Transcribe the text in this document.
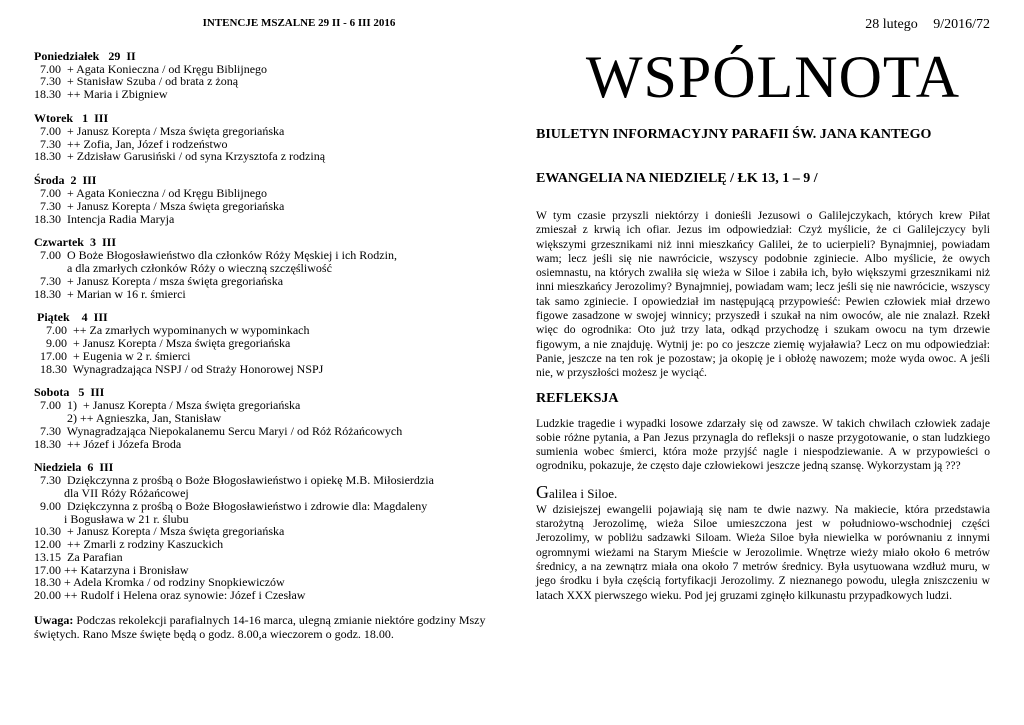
INTENCJE MSZALNE 29 II - 6 III 2016
Poniedziałek   29  II
7.00  + Agata Konieczna / od Kręgu Biblijnego
7.30  + Stanisław Szuba / od brata z żoną
18.30  ++ Maria i Zbigniew
Wtorek   1  III
7.00  + Janusz Korepta / Msza święta gregoriańska
7.30  ++ Zofia, Jan, Józef i rodzeństwo
18.30  + Zdzisław Garusiński / od syna Krzysztofa z rodziną
Środa  2  III
7.00  + Agata Konieczna / od Kręgu Biblijnego
7.30  + Janusz Korepta / Msza święta gregoriańska
18.30  Intencja Radia Maryja
Czwartek  3  III
7.00  O Boże Błogosławieństwo dla członków Róży Męskiej i ich Rodzin,
a dla zmarłych członków Róży o wieczną szczęśliwość
7.30  + Janusz Korepta / msza święta gregoriańska
18.30  + Marian w 16 r. śmierci
Piątek    4  III
7.00  ++ Za zmarłych wypominanych w wypominkach
9.00  + Janusz Korepta / Msza święta gregoriańska
17.00  + Eugenia w 2 r. śmierci
18.30  Wynagradzająca NSPJ / od Straży Honorowej NSPJ
Sobota   5  III
7.00  1)  + Janusz Korepta / Msza święta gregoriańska
2) ++ Agnieszka, Jan, Stanisław
7.30  Wynagradzająca Niepokalanemu Sercu Maryi / od Róż Różańcowych
18.30  ++ Józef i Józefa Broda
Niedziela  6  III
7.30  Dziękczynna z prośbą o Boże Błogosławieństwo i opiekę M.B. Miłosierdzia
dla VII Róży Różańcowej
9.00  Dziękczynna z prośbą o Boże Błogosławieństwo i zdrowie dla: Magdaleny
i Bogusława w 21 r. ślubu
10.30  + Janusz Korepta / Msza święta gregoriańska
12.00  ++ Zmarli z rodziny Kaszuckich
13.15  Za Parafian
17.00 ++ Katarzyna i Bronisław
18.30 + Adela Kromka / od rodziny Snopkiewiczów
20.00 ++ Rudolf i Helena oraz synowie: Józef i Czesław
Uwaga: Podczas rekolekcji parafialnych 14-16 marca, ulegną zmianie niektóre godziny Mszy świętych. Rano Msze święte będą o godz. 8.00,a wieczorem o godz. 18.00.
28 lutego 9/2016/72
WSPÓLNOTA
BIULETYN INFORMACYJNY PARAFII ŚW. JANA KANTEGO
EWANGELIA NA NIEDZIELĘ / ŁK 13, 1 – 9 /

W tym czasie przyszli niektórzy i donieśli Jezusowi o Galilejczykach, których krew Piłat zmieszał z krwią ich ofiar. Jezus im odpowiedział: Czyż myślicie, że ci Galilejczycy byli większymi grzesznikami niż inni mieszkańcy Galilei, że to ucierpieli? Bynajmniej, powiadam wam; lecz jeśli się nie nawrócicie, wszyscy podobnie zginiecie. Albo myślicie, że owych osiemnastu, na których zwaliła się wieża w Siloe i zabiła ich, było większymi grzesznikami niż inni mieszkańcy Jerozolimy? Bynajmniej, powiadam wam; lecz jeśli się nie nawrócicie, wszyscy tak samo zginiecie. I opowiedział im następującą przypowieść: Pewien człowiek miał drzewo figowe zasadzone w swojej winnicy; przyszedł i szukał na nim owoców, ale nie znalazł. Rzekł więc do ogrodnika: Oto już trzy lata, odkąd przychodzę i szukam owocu na tym drzewie figowym, a nie znajduję. Wytnij je: po co jeszcze ziemię wyjaławia? Lecz on mu odpowiedział: Panie, jeszcze na ten rok je pozostaw; ja okopię je i obłożę nawozem; może wyda owoc. A jeśli nie, w przyszłości możesz je wyciąć.

REFLEKSJA

Ludzkie tragedie i wypadki losowe zdarzały się od zawsze. W takich chwilach człowiek zadaje sobie różne pytania, a Pan Jezus przynagla do refleksji o nasze przygotowanie, o stan ludzkiego sumienia wobec śmierci, która może przyjść nagle i niespodziewanie. A w przypowieści o ogrodniku, pokazuje, że często daje człowiekowi jeszcze jedną szansę. Wykorzystam ją ???

Galilea i Siloe.

W dzisiejszej ewangelii pojawiają się nam te dwie nazwy. Na makiecie, która przedstawia starożytną Jerozolimę, wieża Siloe umieszczona jest w południowo-wschodniej części Jerozolimy, w pobliżu sadzawki Siloam. Wieża Siloe była niewielka w porównaniu z innymi ogromnymi wieżami na Starym Mieście w Jerozolimie. Wnętrze wieży miało około 6 metrów średnicy, a na zewnątrz miała ona około 7 metrów średnicy. Była usytuowana wzdłuż muru, w jego środku i była częścią fortyfikacji Jerozolimy. Z nieznanego powodu, uległa zniszczeniu w latach XXX pierwszego wieku. Pod jej gruzami zginęło kilkunastu przypadkowych ludzi.
